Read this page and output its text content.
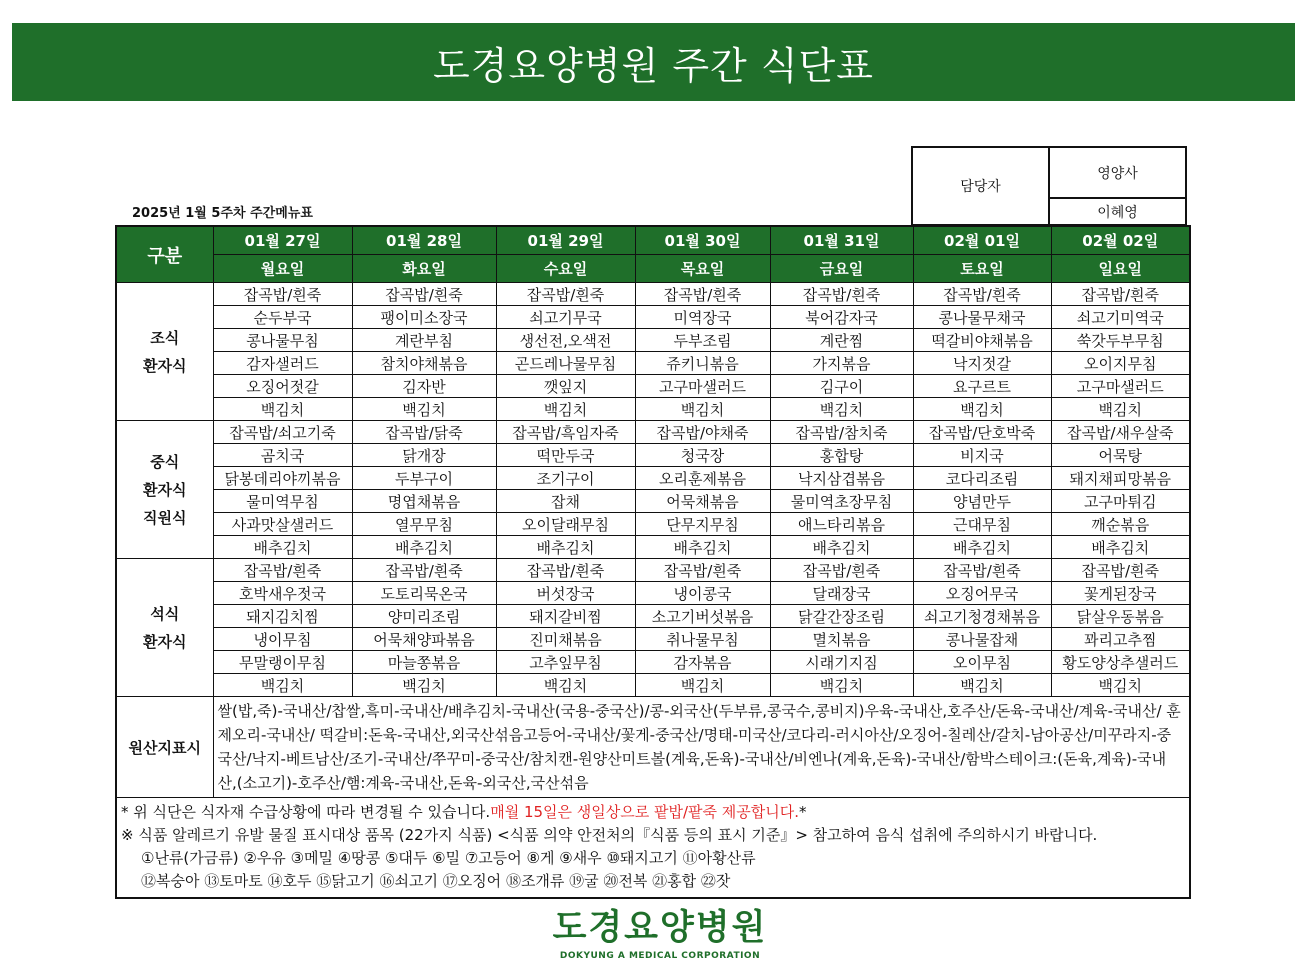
도경요양병원 주간 식단표
2025년 1월 5주차 주간메뉴표
담당자	영양사
이혜영

구분	01월 27일	01월 28일	01월 29일	01월 30일	01월 31일	02월 01일	02월 02일
	월요일	화요일	수요일	목요일	금요일	토요일	일요일

조식
환자식	잡곡밥/흰죽	잡곡밥/흰죽	잡곡밥/흰죽	잡곡밥/흰죽	잡곡밥/흰죽	잡곡밥/흰죽	잡곡밥/흰죽
	순두부국	팽이미소장국	쇠고기무국	미역장국	북어감자국	콩나물무채국	쇠고기미역국
	콩나물무침	계란부침	생선전,오색전	두부조림	계란찜	떡갈비야채볶음	쑥갓두부무침
	감자샐러드	참치야채볶음	곤드레나물무침	쥬키니볶음	가지볶음	낙지젓갈	오이지무침
	오징어젓갈	김자반	깻잎지	고구마샐러드	김구이	요구르트	고구마샐러드
	백김치	백김치	백김치	백김치	백김치	백김치	백김치

중식
환자식
직원식	잡곡밥/쇠고기죽	잡곡밥/닭죽	잡곡밥/흑임자죽	잡곡밥/야채죽	잡곡밥/참치죽	잡곡밥/단호박죽	잡곡밥/새우살죽
	곰치국	닭개장	떡만두국	청국장	홍합탕	비지국	어묵탕
	닭봉데리야끼볶음	두부구이	조기구이	오리훈제볶음	낙지삼겹볶음	코다리조림	돼지채피망볶음
	물미역무침	명엽채볶음	잡채	어묵채볶음	물미역초장무침	양념만두	고구마튀김
	사과맛살샐러드	열무무침	오이달래무침	단무지무침	애느타리볶음	근대무침	깨순볶음
	배추김치	배추김치	배추김치	배추김치	배추김치	배추김치	배추김치

석식
환자식	잡곡밥/흰죽	잡곡밥/흰죽	잡곡밥/흰죽	잡곡밥/흰죽	잡곡밥/흰죽	잡곡밥/흰죽	잡곡밥/흰죽
	호박새우젓국	도토리묵온국	버섯장국	냉이콩국	달래장국	오징어무국	꽃게된장국
	돼지김치찜	양미리조림	돼지갈비찜	소고기버섯볶음	닭갈간장조림	쇠고기청경채볶음	닭살우동볶음
	냉이무침	어묵채양파볶음	진미채볶음	취나물무침	멸치볶음	콩나물잡채	꽈리고추찜
	무말랭이무침	마늘쫑볶음	고추잎무침	감자볶음	시래기지짐	오이무침	황도양상추샐러드
	백김치	백김치	백김치	백김치	백김치	백김치	백김치
원산지표시	쌀(밥,죽)-국내산/찹쌀,흑미-국내산/배추김치-국내산(국용-중국산)/콩-외국산(두부류,콩국수,콩비지)우육-국내산,호주산/돈육-국내산/계육-국내산/ 훈제오리-국내산/ 떡갈비:돈육-국내산,외국산섞음고등어-국내산/꽃게-중국산/명태-미국산/코다리-러시아산/오징어-칠레산/갈치-남아공산/미꾸라지-중국산/낙지-베트남산/조기-국내산/쭈꾸미-중국산/참치캔-원양산미트볼(계육,돈육)-국내산/비엔나(계육,돈육)-국내산/함박스테이크:(돈육,계육)-국내산,(소고기)-호주산/햄:계육-국내산,돈육-외국산,국산섞음						

* 위 식단은 식자재 수급상황에 따라 변경될 수 있습니다.매월 15일은 생일상으로 팥밥/팥죽 제공합니다.*
※ 식품 알레르기 유발 물질 표시대상 품목 (22가지 식품) <식품 의약 안전처의『식품 등의 표시 기준』> 참고하여 음식 섭취에 주의하시기 바랍니다.
①난류(가금류) ②우유 ③메밀 ④땅콩 ⑤대두 ⑥밀 ⑦고등어 ⑧게 ⑨새우 ⑩돼지고기 ⑪아황산류
⑫복숭아 ⑬토마토 ⑭호두 ⑮닭고기 ⑯쇠고기 ⑰오징어 ⑱조개류 ⑲굴 ⑳전복 ㉑홍합 ㉒잣							
도경요양병원
DOKYUNG A MEDICAL CORPORATION
